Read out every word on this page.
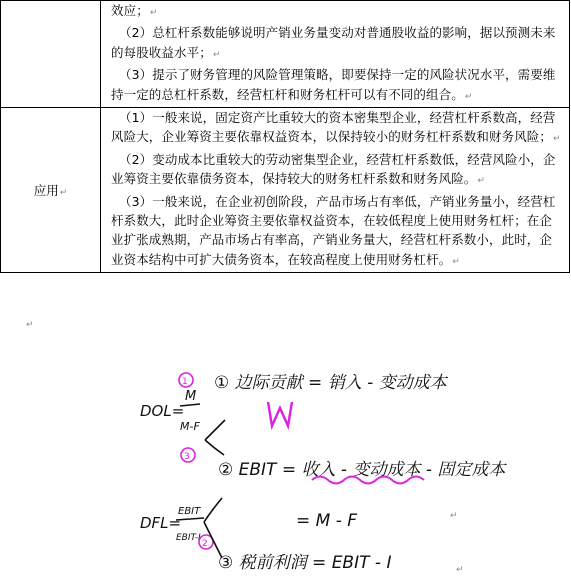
	效应；↵

（2）总杠杆系数能够说明产销业务量变动对普通股收益的影响，据以预测未来的每股收益水平；↵

（3）提示了财务管理的风险管理策略，即要保持一定的风险状况水平，需要维持一定的总杠杆系数，经营杠杆和财务杠杆可以有不同的组合。↵

应用↵	（1）一般来说，固定资产比重较大的资本密集型企业，经营杠杆系数高，经营风险大，企业筹资主要依靠权益资本，以保持较小的财务杠杆系数和财务风险；↵

（2）变动成本比重较大的劳动密集型企业，经营杠杆系数低，经营风险小，企业筹资主要依靠债务资本，保持较大的财务杠杆系数和财务风险。↵

（3）一般来说，在企业初创阶段，产品市场占有率低，产销业务量小，经营杠杆系数大，此时企业筹资主要依靠权益资本，在较低程度上使用财务杠杆；在企业扩张成熟期，产品市场占有率高，产销业务量大，经营杠杆系数小，此时，企业资本结构中可扩大债务资本，在较高程度上使用财务杠杆。↵

↵
DOL=
M
M-F
1
3
① 边际贡献 = 销入 - 变动成本
M
② EBIT = 收入 - 变动成本 - 固定成本
= M - F
DFL=
EBIT
EBIT-I
2
③ 税前利润 = EBIT - I
↵
↵
